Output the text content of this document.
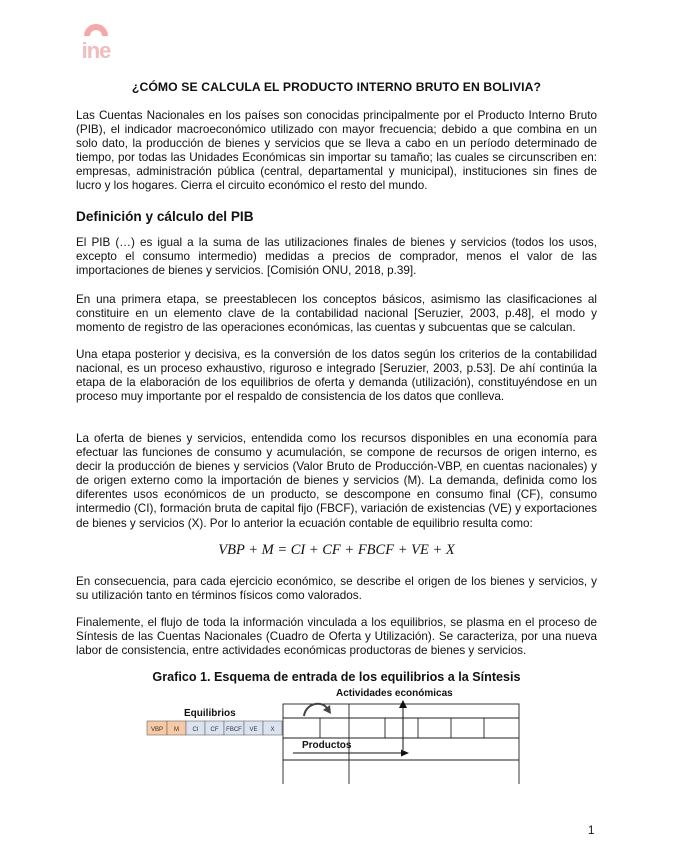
ine
¿CÓMO SE CALCULA EL PRODUCTO INTERNO BRUTO EN BOLIVIA?

Las Cuentas Nacionales en los países son conocidas principalmente por el Producto Interno Bruto (PIB), el indicador macroeconómico utilizado con mayor frecuencia; debido a que combina en un solo dato, la producción de bienes y servicios que se lleva a cabo en un período determinado de tiempo, por todas las Unidades Económicas sin importar su tamaño; las cuales se circunscriben en: empresas, administración pública (central, departamental y municipal), instituciones sin fines de lucro y los hogares. Cierra el circuito económico el resto del mundo.

Definición y cálculo del PIB

El PIB (…) es igual a la suma de las utilizaciones finales de bienes y servicios (todos los usos, excepto el consumo intermedio) medidas a precios de comprador, menos el valor de las importaciones de bienes y servicios. [Comisión ONU, 2018, p.39].

En una primera etapa, se preestablecen los conceptos básicos, asimismo las clasificaciones al constituire en un elemento clave de la contabilidad nacional [Seruzier, 2003, p.48], el modo y momento de registro de las operaciones económicas, las cuentas y subcuentas que se calculan.

Una etapa posterior y decisiva, es la conversión de los datos según los criterios de la contabilidad nacional, es un proceso exhaustivo, riguroso e integrado [Seruzier, 2003, p.53]. De ahí continúa la etapa de la elaboración de los equilibrios de oferta y demanda (utilización), constituyéndose en un proceso muy importante por el respaldo de consistencia de los datos que conlleva.

La oferta de bienes y servicios, entendida como los recursos disponibles en una economía para efectuar las funciones de consumo y acumulación, se compone de recursos de origen interno, es decir la producción de bienes y servicios (Valor Bruto de Producción-VBP, en cuentas nacionales) y de origen externo como la importación de bienes y servicios (M). La demanda, definida como los diferentes usos económicos de un producto, se descompone en consumo final (CF), consumo intermedio (CI), formación bruta de capital fijo (FBCF), variación de existencias (VE) y exportaciones de bienes y servicios (X). Por lo anterior la ecuación contable de equilibrio resulta como:

VBP + M = CI + CF + FBCF + VE + X

En consecuencia, para cada ejercicio económico, se describe el origen de los bienes y servicios, y su utilización tanto en términos físicos como valorados.

Finalemente, el flujo de toda la información vinculada a los equilibrios, se plasma en el proceso de Síntesis de las Cuentas Nacionales (Cuadro de Oferta y Utilización). Se caracteriza, por una nueva labor de consistencia, entre actividades económicas productoras de bienes y servicios.

Grafico 1. Esquema de entrada de los equilibrios a la Síntesis
Actividades económicas
Equilibrios
VBP M CI CF FBCF VE X
Productos
1
